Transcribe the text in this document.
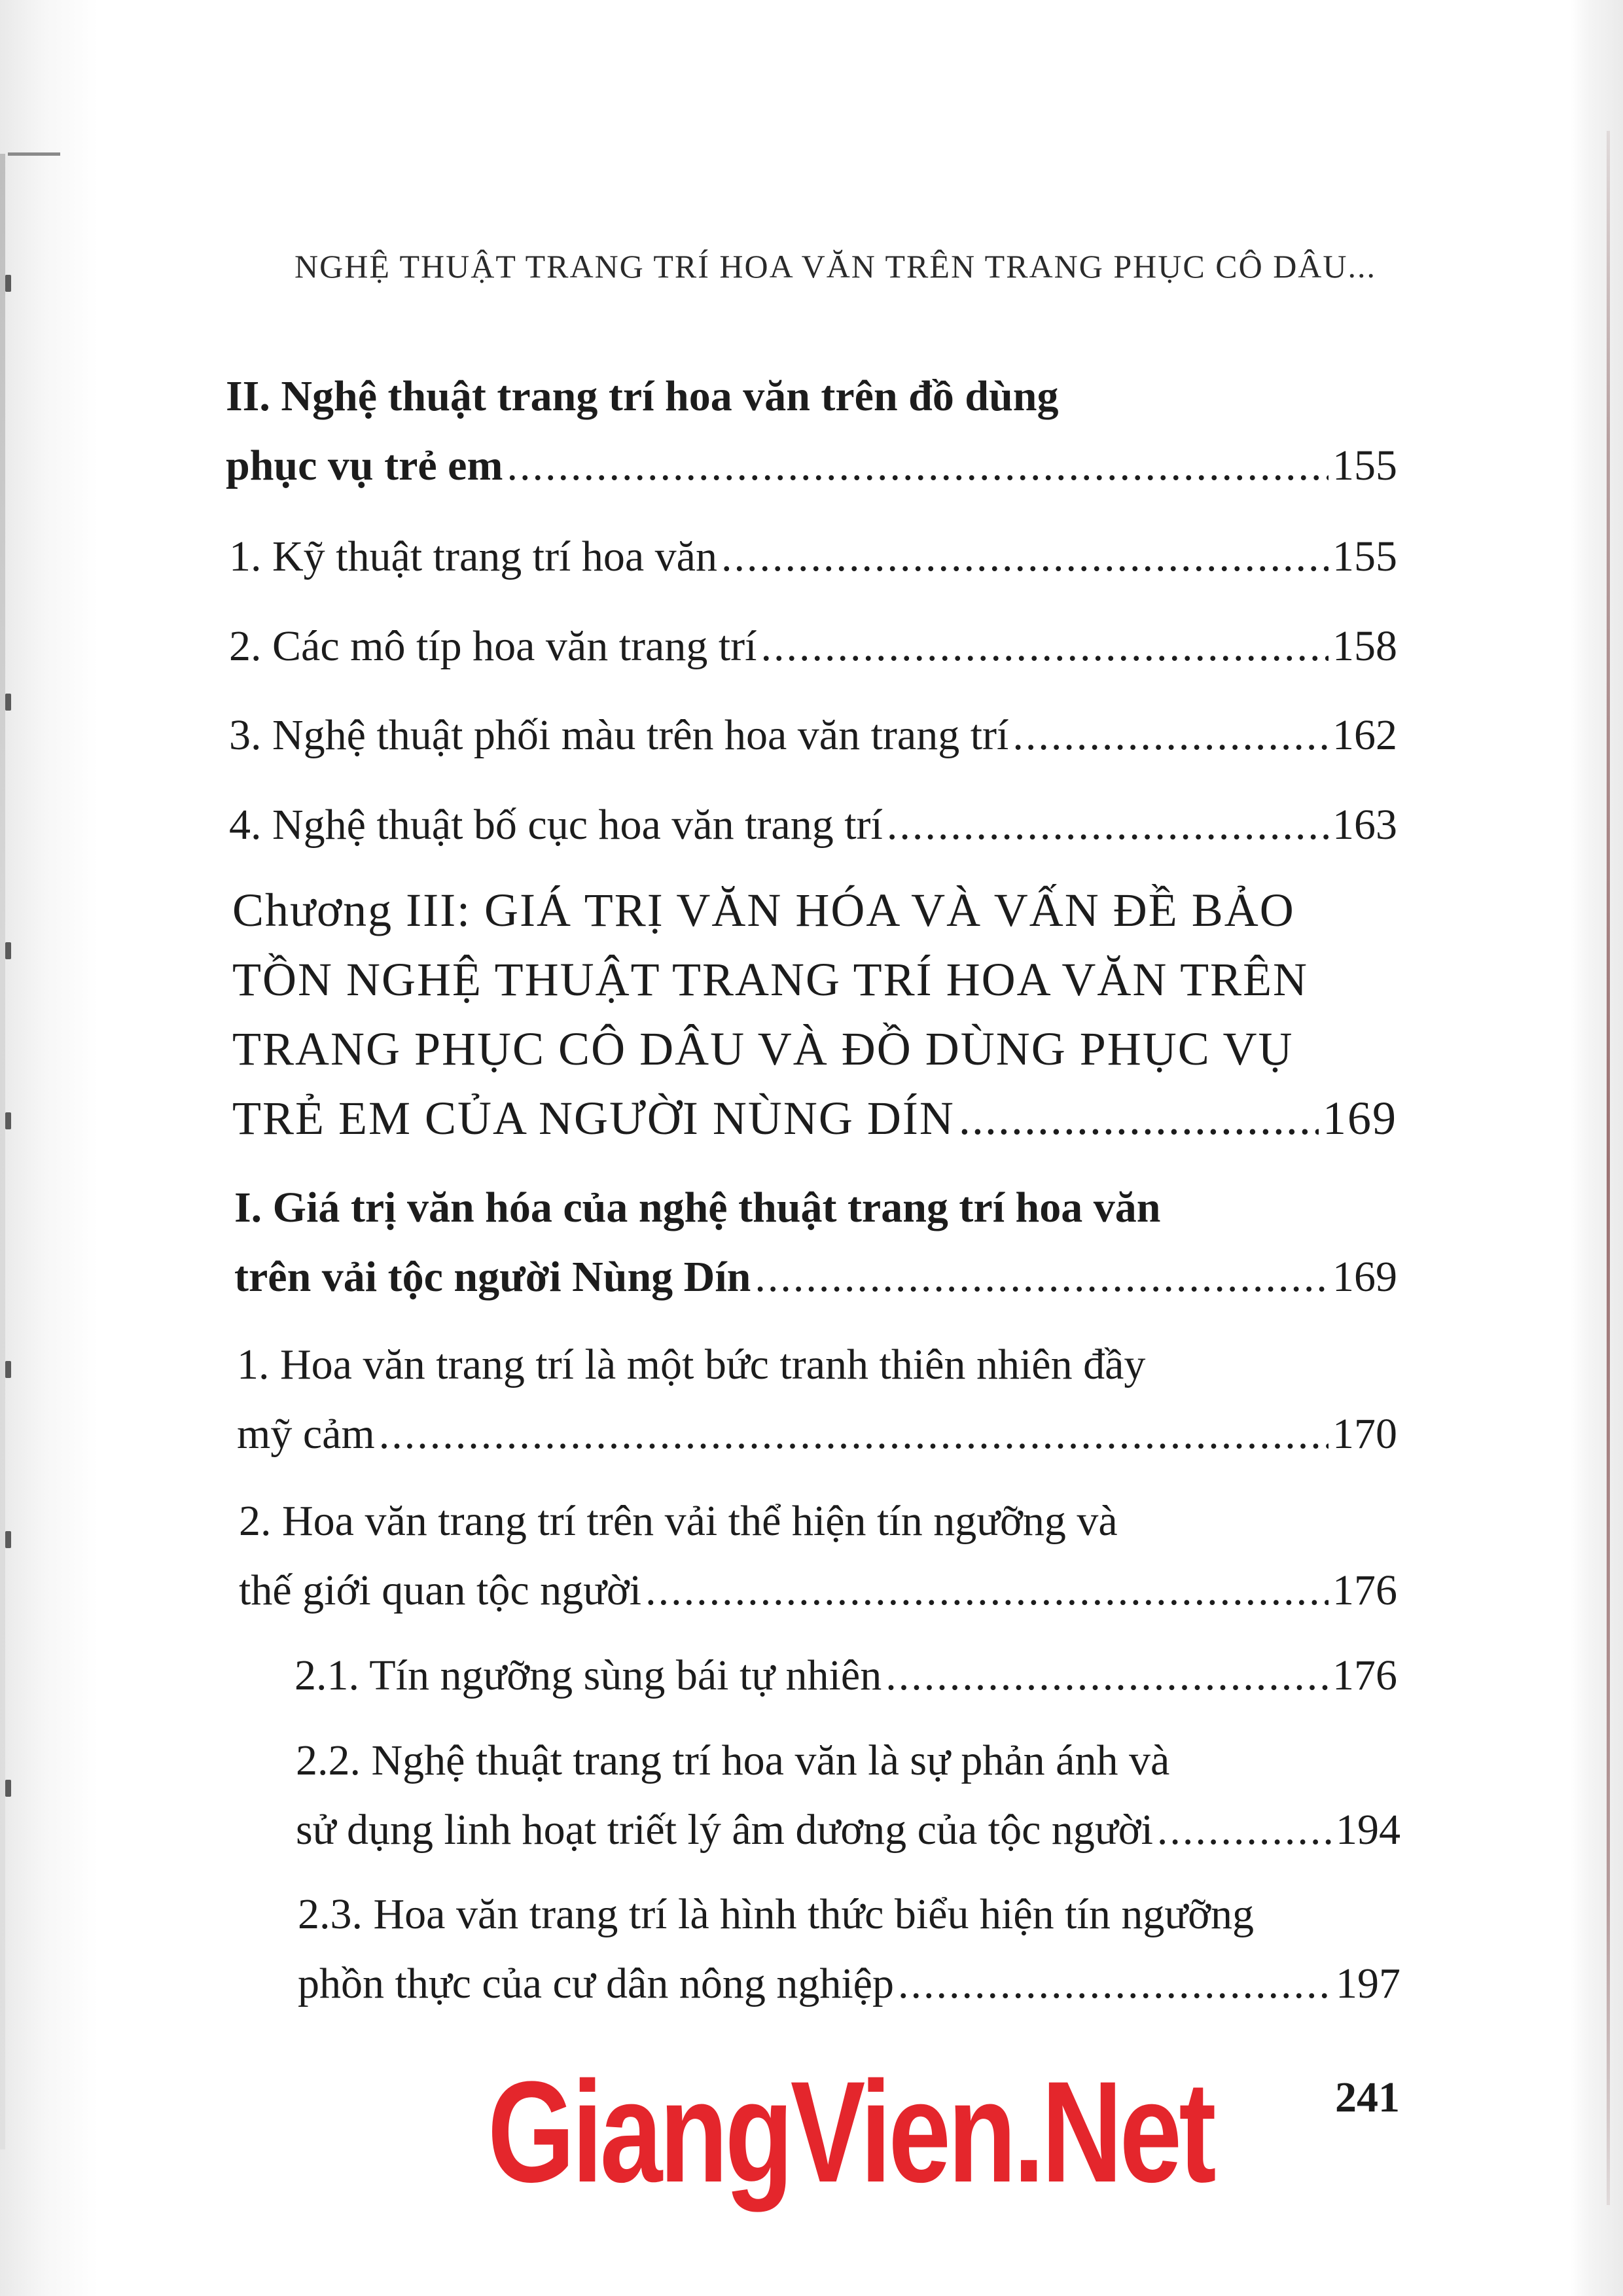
NGHỆ THUẬT TRANG TRÍ HOA VĂN TRÊN TRANG PHỤC CÔ DÂU...
II. Nghệ thuật trang trí hoa văn trên đồ dùng
phục vụ trẻ em .....	155
1. Kỹ thuật trang trí hoa văn .....	155
2. Các mô típ hoa văn trang trí .....	158
3. Nghệ thuật phối màu trên hoa văn trang trí .....	162
4. Nghệ thuật bố cục hoa văn trang trí .....	163
Chương III: GIÁ TRỊ VĂN HÓA VÀ VẤN ĐỀ BẢO
TỒN NGHỆ THUẬT TRANG TRÍ HOA VĂN TRÊN
TRANG PHỤC CÔ DÂU VÀ ĐỒ DÙNG PHỤC VỤ
TRẺ EM CỦA NGƯỜI NÙNG DÍN .....	169
I. Giá trị văn hóa của nghệ thuật trang trí hoa văn
trên vải tộc người Nùng Dín .....	169
1. Hoa văn trang trí là một bức tranh thiên nhiên đầy
mỹ cảm .....	170
2. Hoa văn trang trí trên vải thể hiện tín ngưỡng và
thế giới quan tộc người .....	176
2.1. Tín ngưỡng sùng bái tự nhiên .....	176
2.2. Nghệ thuật trang trí hoa văn là sự phản ánh và
sử dụng linh hoạt triết lý âm dương của tộc người .....	194
2.3. Hoa văn trang trí là hình thức biểu hiện tín ngưỡng
phồn thực của cư dân nông nghiệp .....	197
241
GiangVien.Net
